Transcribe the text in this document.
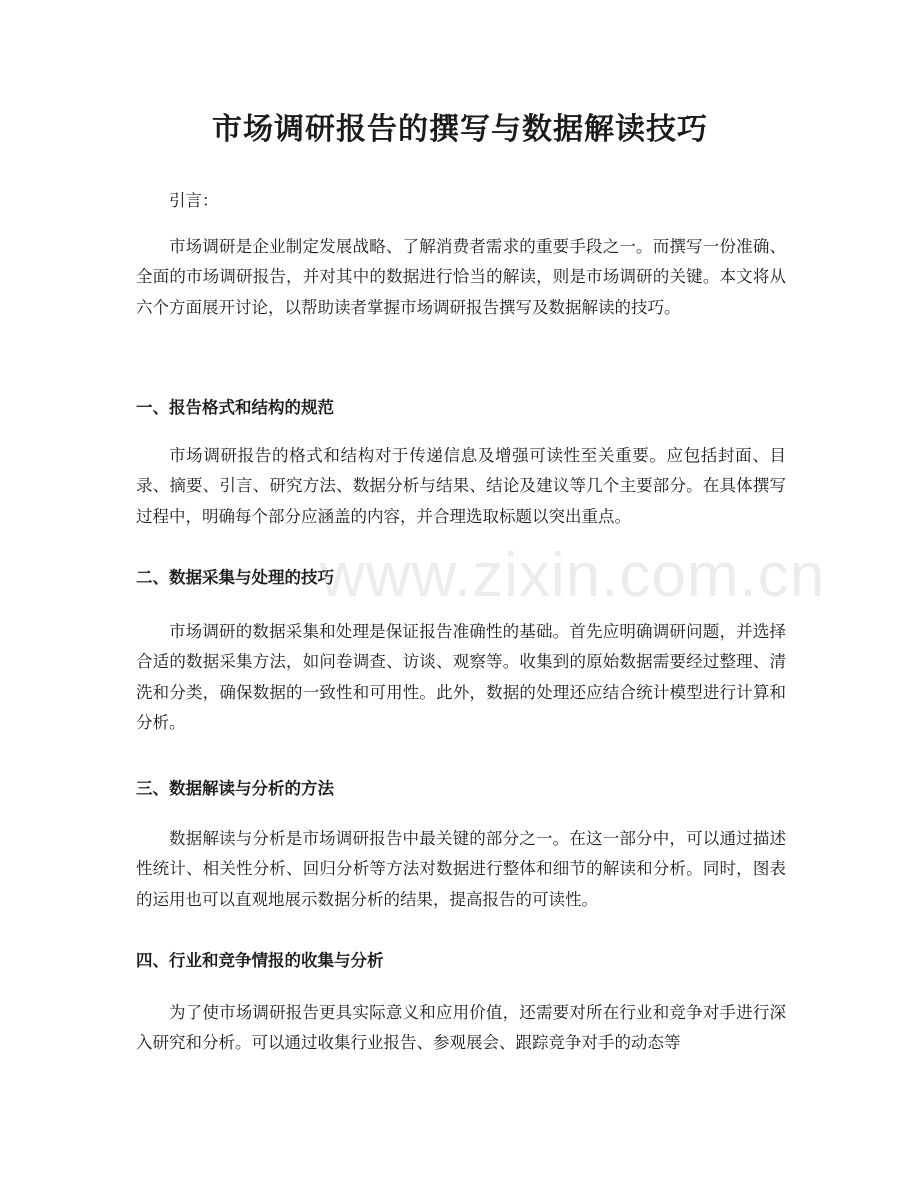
市场调研报告的撰写与数据解读技巧

引言：

市场调研是企业制定发展战略、了解消费者需求的重要手段之一。而撰写一份准确、全面的市场调研报告，并对其中的数据进行恰当的解读，则是市场调研的关键。本文将从六个方面展开讨论，以帮助读者掌握市场调研报告撰写及数据解读的技巧。

一、报告格式和结构的规范

市场调研报告的格式和结构对于传递信息及增强可读性至关重要。应包括封面、目录、摘要、引言、研究方法、数据分析与结果、结论及建议等几个主要部分。在具体撰写过程中，明确每个部分应涵盖的内容，并合理选取标题以突出重点。

二、数据采集与处理的技巧

市场调研的数据采集和处理是保证报告准确性的基础。首先应明确调研问题，并选择合适的数据采集方法，如问卷调查、访谈、观察等。收集到的原始数据需要经过整理、清洗和分类，确保数据的一致性和可用性。此外，数据的处理还应结合统计模型进行计算和分析。

三、数据解读与分析的方法

数据解读与分析是市场调研报告中最关键的部分之一。在这一部分中，可以通过描述性统计、相关性分析、回归分析等方法对数据进行整体和细节的解读和分析。同时，图表的运用也可以直观地展示数据分析的结果，提高报告的可读性。

四、行业和竞争情报的收集与分析

为了使市场调研报告更具实际意义和应用价值，还需要对所在行业和竞争对手进行深入研究和分析。可以通过收集行业报告、参观展会、跟踪竞争对手的动态等

www.zixin.com.cn
